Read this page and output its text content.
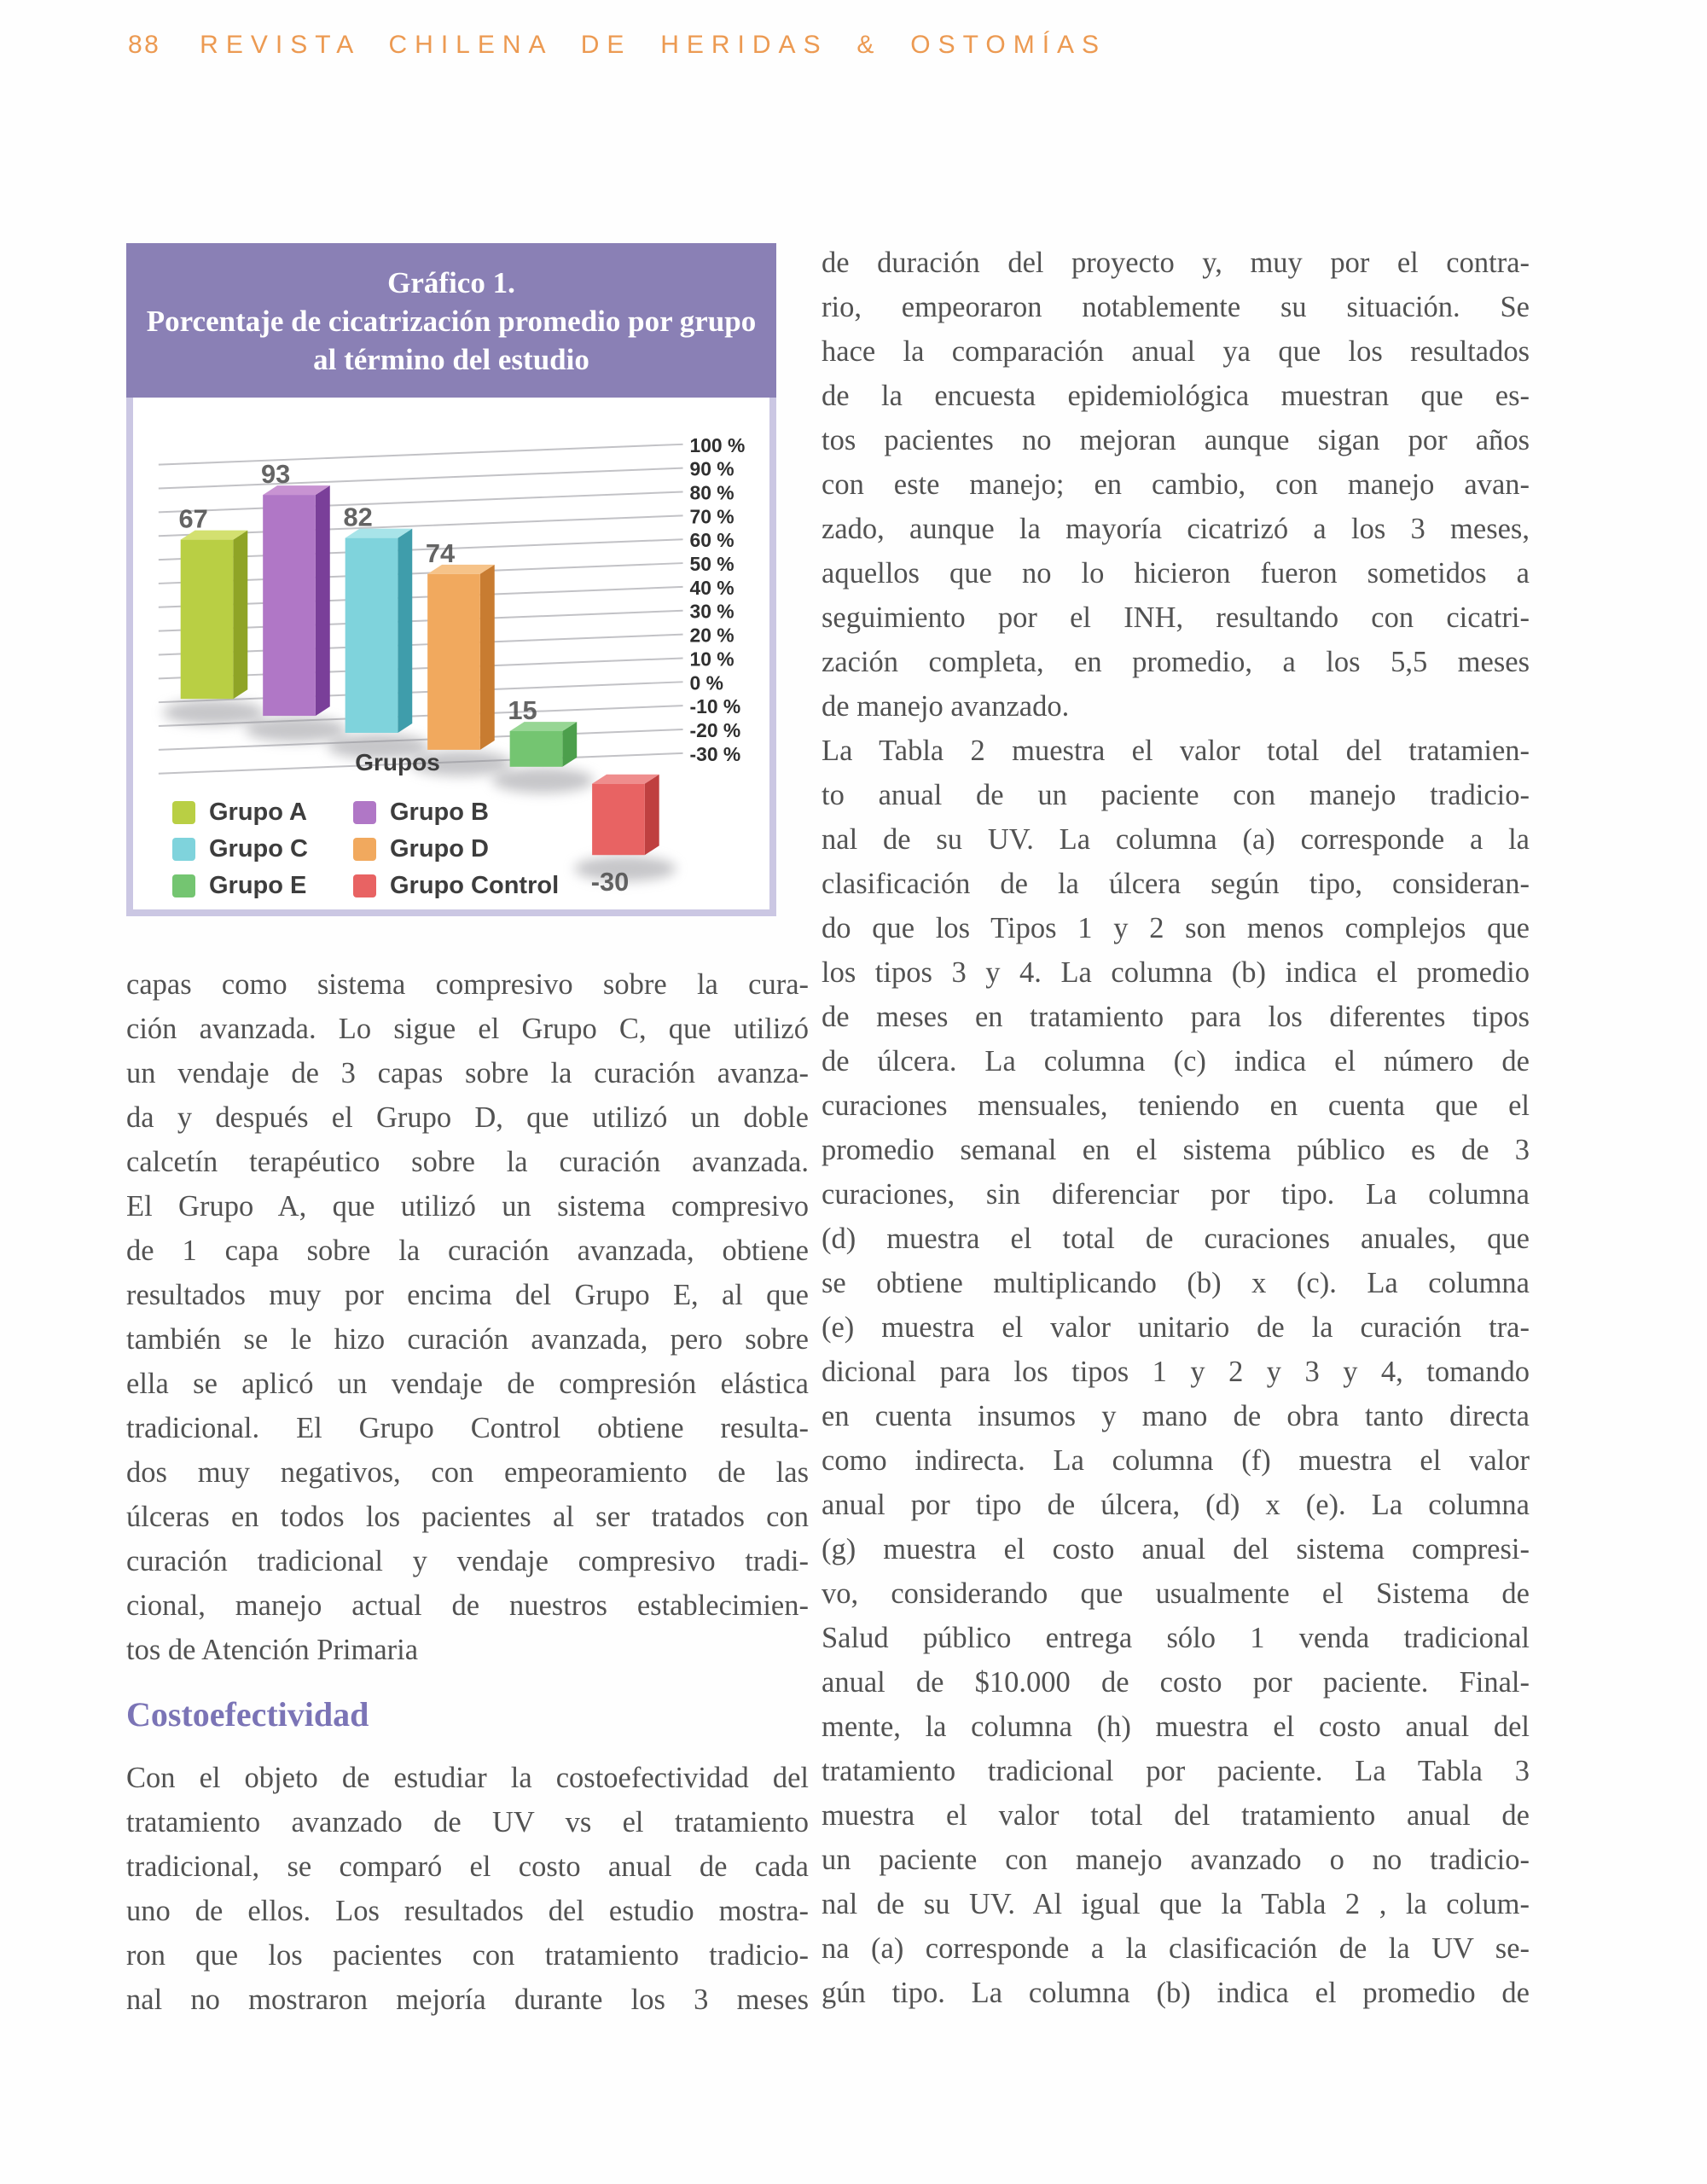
88 REVISTA CHILENA DE HERIDAS & OSTOMÍAS
Gráfico 1.
Porcentaje de cicatrización promedio por grupo
al término del estudio
100 %
90 %
80 %
70 %
60 %
50 %
40 %
30 %
20 %
10 %
0 %
-10 %
-20 %
-30 %
67
93
82
74
15
-30
Grupos
Grupo A
Grupo C
Grupo E
Grupo B
Grupo D
Grupo Control
capas como sistema compresivo sobre la cura-
ción avanzada. Lo sigue el Grupo C, que utilizó
un vendaje de 3 capas sobre la curación avanza-
da y después el Grupo D, que utilizó un doble
calcetín terapéutico sobre la curación avanzada.
El Grupo A, que utilizó un sistema compresivo
de 1 capa sobre la curación avanzada, obtiene
resultados muy por encima del Grupo E, al que
también se le hizo curación avanzada, pero sobre
ella se aplicó un vendaje de compresión elástica
tradicional. El Grupo Control obtiene resulta-
dos muy negativos, con empeoramiento de las
úlceras en todos los pacientes al ser tratados con
curación tradicional y vendaje compresivo tradi-
cional, manejo actual de nuestros establecimien-
tos de Atención Primaria
Costoefectividad
Con el objeto de estudiar la costoefectividad del
tratamiento avanzado de UV vs el tratamiento
tradicional, se comparó el costo anual de cada
uno de ellos. Los resultados del estudio mostra-
ron que los pacientes con tratamiento tradicio-
nal no mostraron mejoría durante los 3 meses
de duración del proyecto y, muy por el contra-
rio, empeoraron notablemente su situación. Se
hace la comparación anual ya que los resultados
de la encuesta epidemiológica muestran que es-
tos pacientes no mejoran aunque sigan por años
con este manejo; en cambio, con manejo avan-
zado, aunque la mayoría cicatrizó a los 3 meses,
aquellos que no lo hicieron fueron sometidos a
seguimiento por el INH, resultando con cicatri-
zación completa, en promedio, a los 5,5 meses
de manejo avanzado.
La Tabla 2 muestra el valor total del tratamien-
to anual de un paciente con manejo tradicio-
nal de su UV. La columna (a) corresponde a la
clasificación de la úlcera según tipo, consideran-
do que los Tipos 1 y 2 son menos complejos que
los tipos 3 y 4. La columna (b) indica el promedio
de meses en tratamiento para los diferentes tipos
de úlcera. La columna (c) indica el número de
curaciones mensuales, teniendo en cuenta que el
promedio semanal en el sistema público es de 3
curaciones, sin diferenciar por tipo. La columna
(d) muestra el total de curaciones anuales, que
se obtiene multiplicando (b) x (c). La columna
(e) muestra el valor unitario de la curación tra-
dicional para los tipos 1 y 2 y 3 y 4, tomando
en cuenta insumos y mano de obra tanto directa
como indirecta. La columna (f) muestra el valor
anual por tipo de úlcera, (d) x (e). La columna
(g) muestra el costo anual del sistema compresi-
vo, considerando que usualmente el Sistema de
Salud público entrega sólo 1 venda tradicional
anual de $10.000 de costo por paciente. Final-
mente, la columna (h) muestra el costo anual del
tratamiento tradicional por paciente. La Tabla 3
muestra el valor total del tratamiento anual de
un paciente con manejo avanzado o no tradicio-
nal de su UV. Al igual que la Tabla 2 , la colum-
na (a) corresponde a la clasificación de la UV se-
gún tipo. La columna (b) indica el promedio de
